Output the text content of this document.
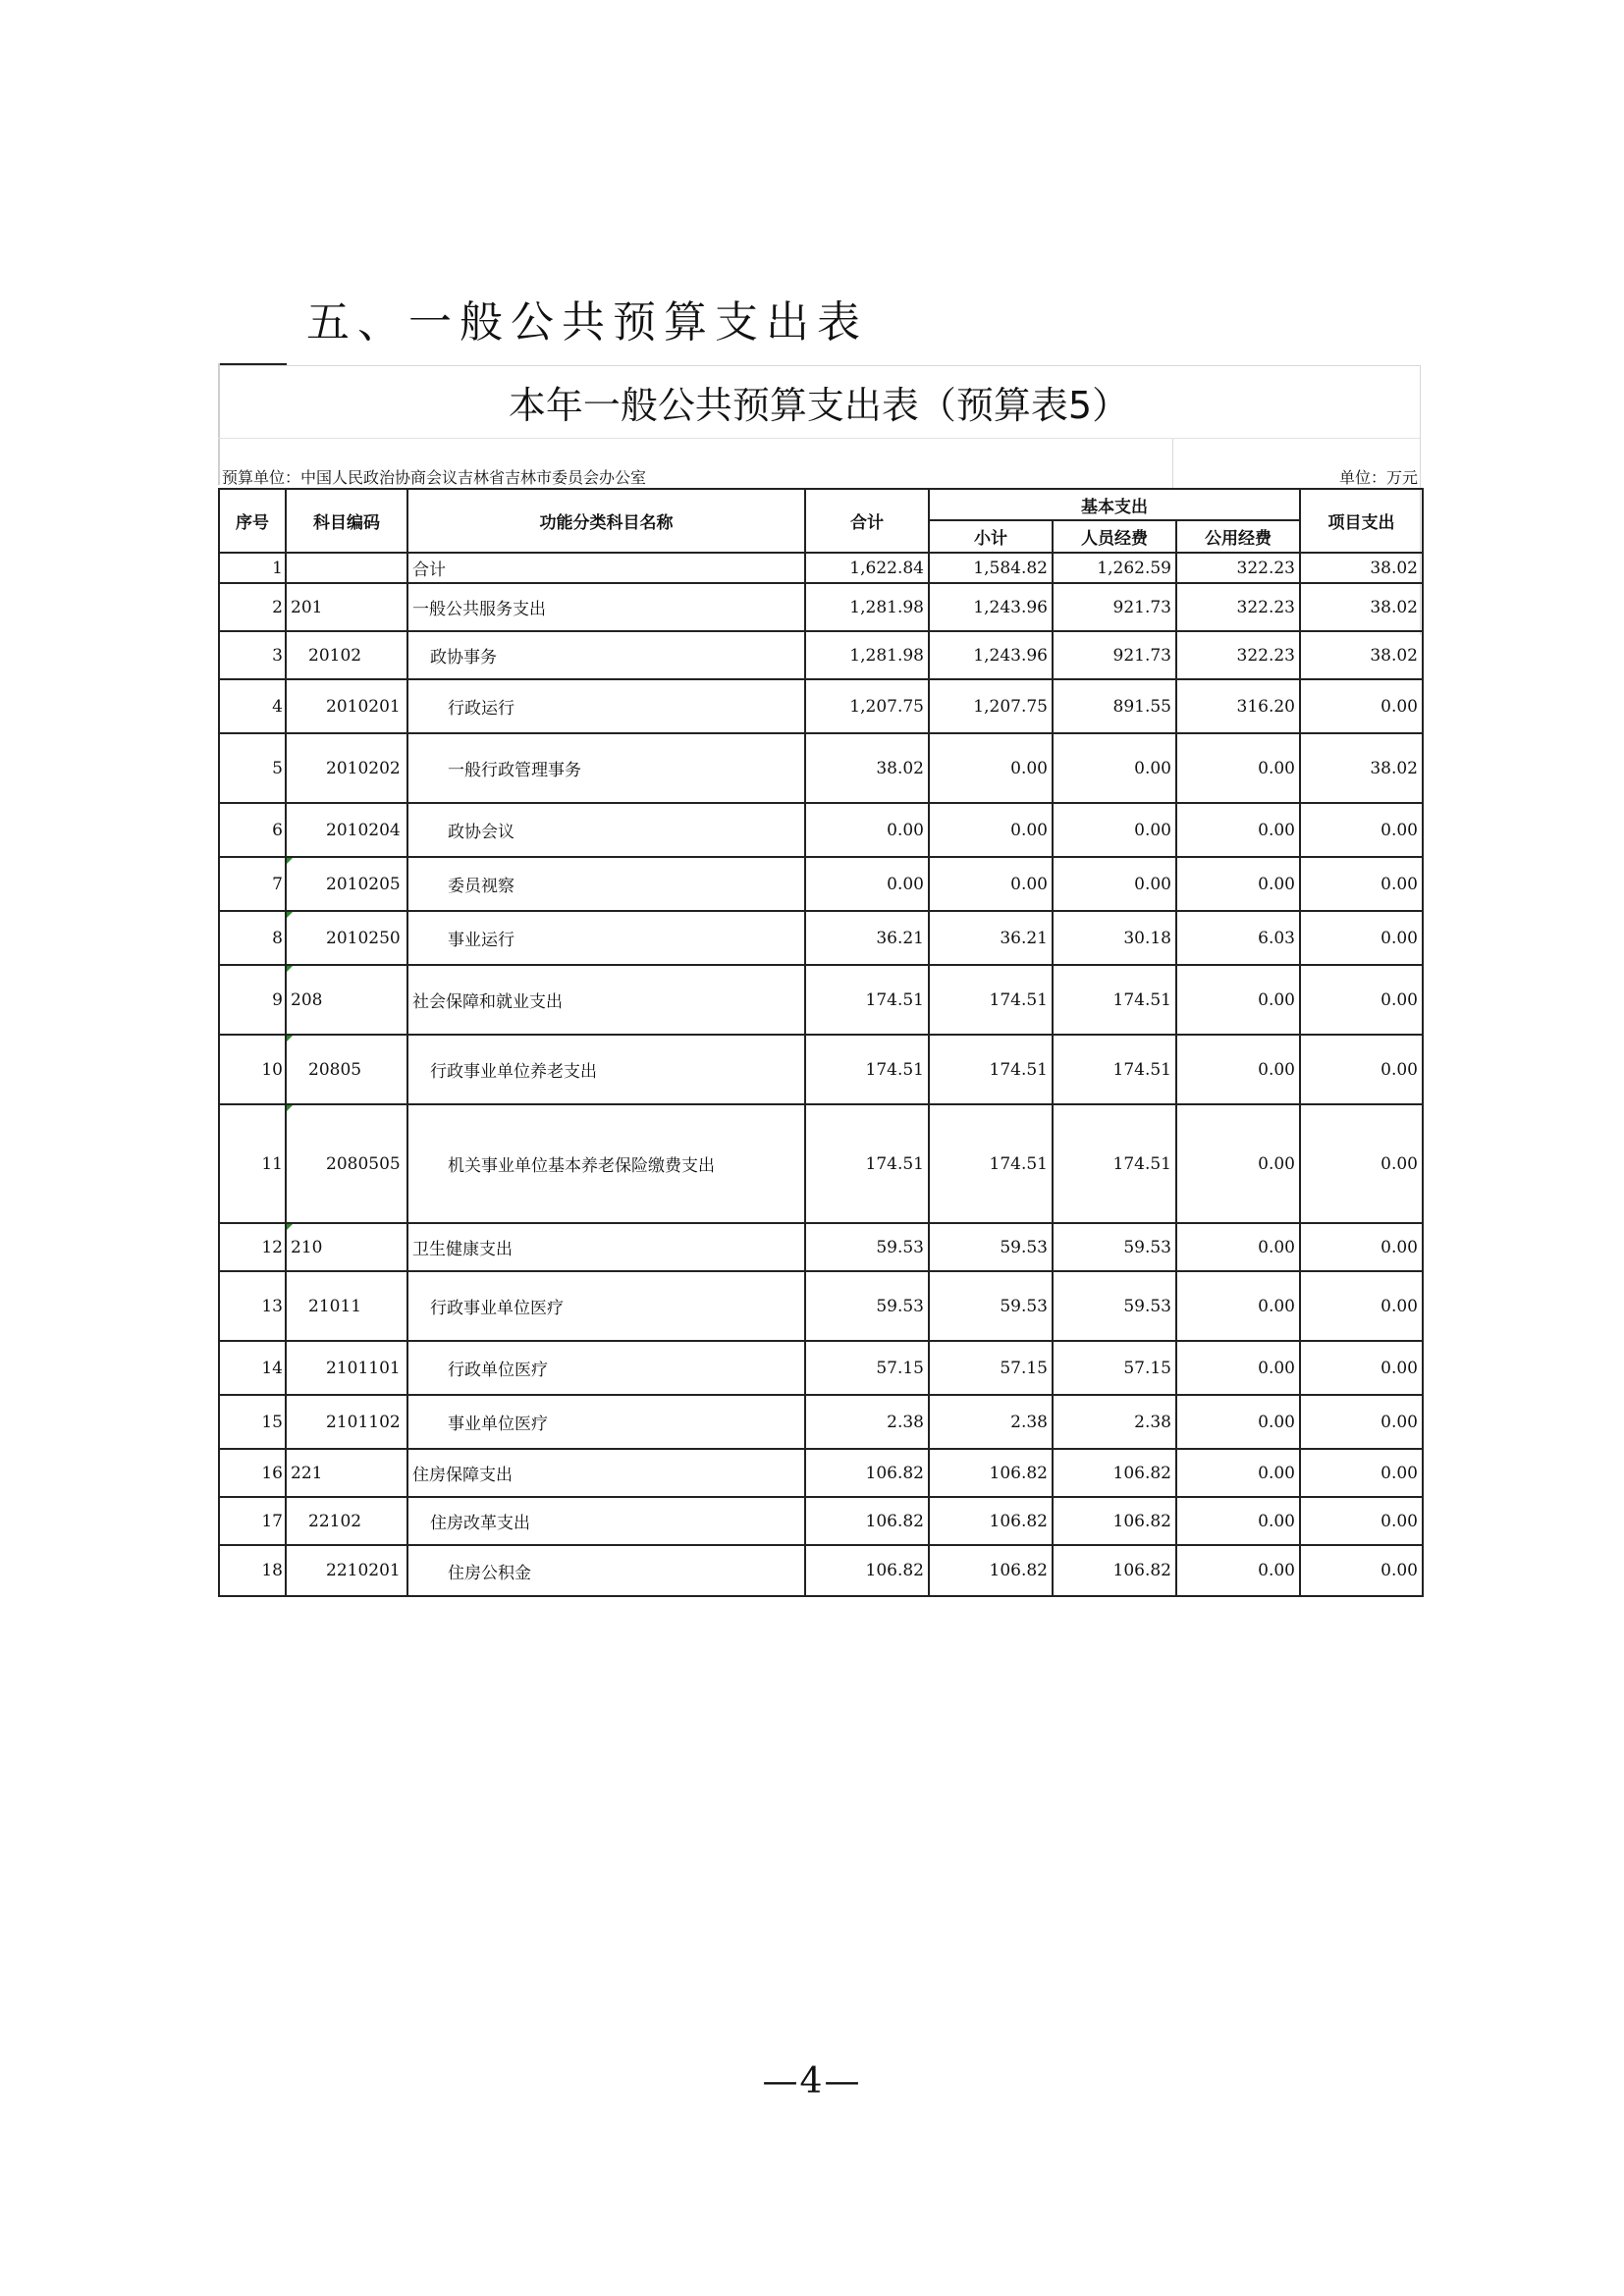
五、一般公共预算支出表
本年一般公共预算支出表（预算表5）
预算单位：中国人民政治协商会议吉林省吉林市委员会办公室	单位：万元
序号	科目编码	功能分类科目名称	合计	基本支出			项目支出
				小计	人员经费	公用经费	
1		合计	1,622.84	1,584.82	1,262.59	322.23	38.02
2	201	一般公共服务支出	1,281.98	1,243.96	921.73	322.23	38.02
3	20102	政协事务	1,281.98	1,243.96	921.73	322.23	38.02
4	2010201	行政运行	1,207.75	1,207.75	891.55	316.20	0.00
5	2010202	一般行政管理事务	38.02	0.00	0.00	0.00	38.02
6	2010204	政协会议	0.00	0.00	0.00	0.00	0.00
7	2010205	委员视察	0.00	0.00	0.00	0.00	0.00
8	2010250	事业运行	36.21	36.21	30.18	6.03	0.00
9	208	社会保障和就业支出	174.51	174.51	174.51	0.00	0.00
10	20805	行政事业单位养老支出	174.51	174.51	174.51	0.00	0.00
11	2080505	机关事业单位基本养老保险缴费支出	174.51	174.51	174.51	0.00	0.00
12	210	卫生健康支出	59.53	59.53	59.53	0.00	0.00
13	21011	行政事业单位医疗	59.53	59.53	59.53	0.00	0.00
14	2101101	行政单位医疗	57.15	57.15	57.15	0.00	0.00
15	2101102	事业单位医疗	2.38	2.38	2.38	0.00	0.00
16	221	住房保障支出	106.82	106.82	106.82	0.00	0.00
17	22102	住房改革支出	106.82	106.82	106.82	0.00	0.00
18	2210201	住房公积金	106.82	106.82	106.82	0.00	0.00
—4—
